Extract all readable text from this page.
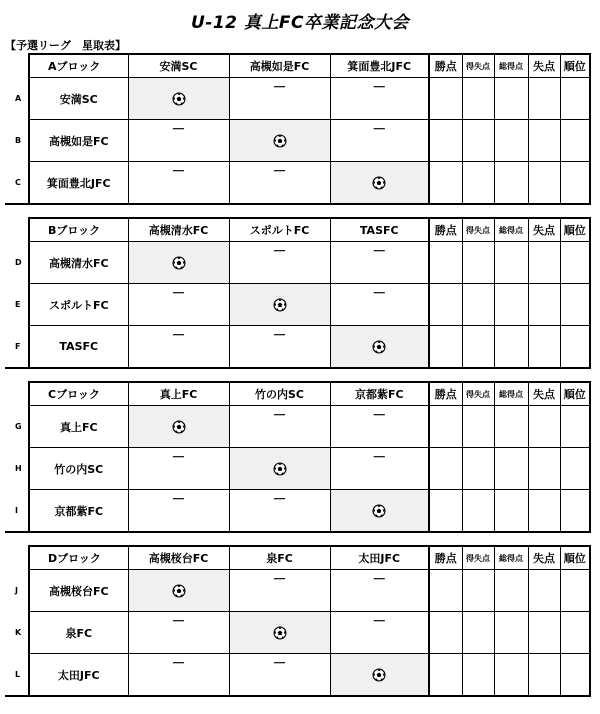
U-12 真上FC卒業記念大会
【予選リーグ　星取表】
	Aブロック	安満SC	高槻如是FC	箕面豊北JFC	勝点	得失点	総得点	失点	順位
A	安満SC		－	－					

B	高槻如是FC	－		－					

C	箕面豊北JFC	－	－

	Bブロック	高槻清水FC	スポルトFC	TASFC	勝点	得失点	総得点	失点	順位
D	高槻清水FC		－	－					

E	スポルトFC	－		－					

F	TASFC	－	－

	Cブロック	真上FC	竹の内SC	京都紫FC	勝点	得失点	総得点	失点	順位
G	真上FC		－	－					

H	竹の内SC	－		－					

I	京都紫FC	－	－

	Dブロック	高槻桜台FC	泉FC	太田JFC	勝点	得失点	総得点	失点	順位
J	高槻桜台FC		－	－					

K	泉FC	－		－					

L	太田JFC	－	－
